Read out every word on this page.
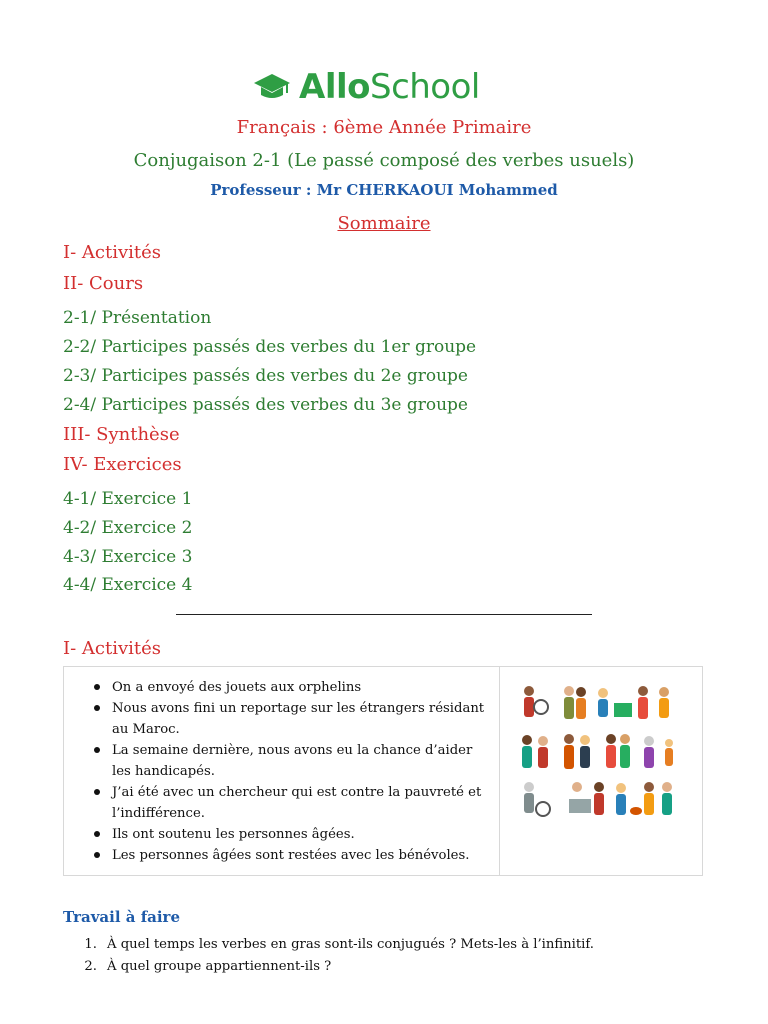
AlloSchool
Français : 6ème Année Primaire
Conjugaison 2-1 (Le passé composé des verbes usuels)
Professeur : Mr CHERKAOUI Mohammed
Sommaire
I- Activités
II- Cours
2-1/ Présentation
2-2/ Participes passés des verbes du 1er groupe
2-3/ Participes passés des verbes du 2e groupe
2-4/ Participes passés des verbes du 3e groupe
III- Synthèse
IV- Exercices
4-1/ Exercice 1
4-2/ Exercice 2
4-3/ Exercice 3
4-4/ Exercice 4
I- Activités
On a envoyé des jouets aux orphelins
Nous avons fini un reportage sur les étrangers résidant au Maroc.
La semaine dernière, nous avons eu la chance d’aider les handicapés.
J’ai été avec un chercheur qui est contre la pauvreté et l’indifférence.
Ils ont soutenu les personnes âgées.
Les personnes âgées sont restées avec les bénévoles.
Travail à faire
1. À quel temps les verbes en gras sont-ils conjugués ? Mets-les à l’infinitif.
2. À quel groupe appartiennent-ils ?
